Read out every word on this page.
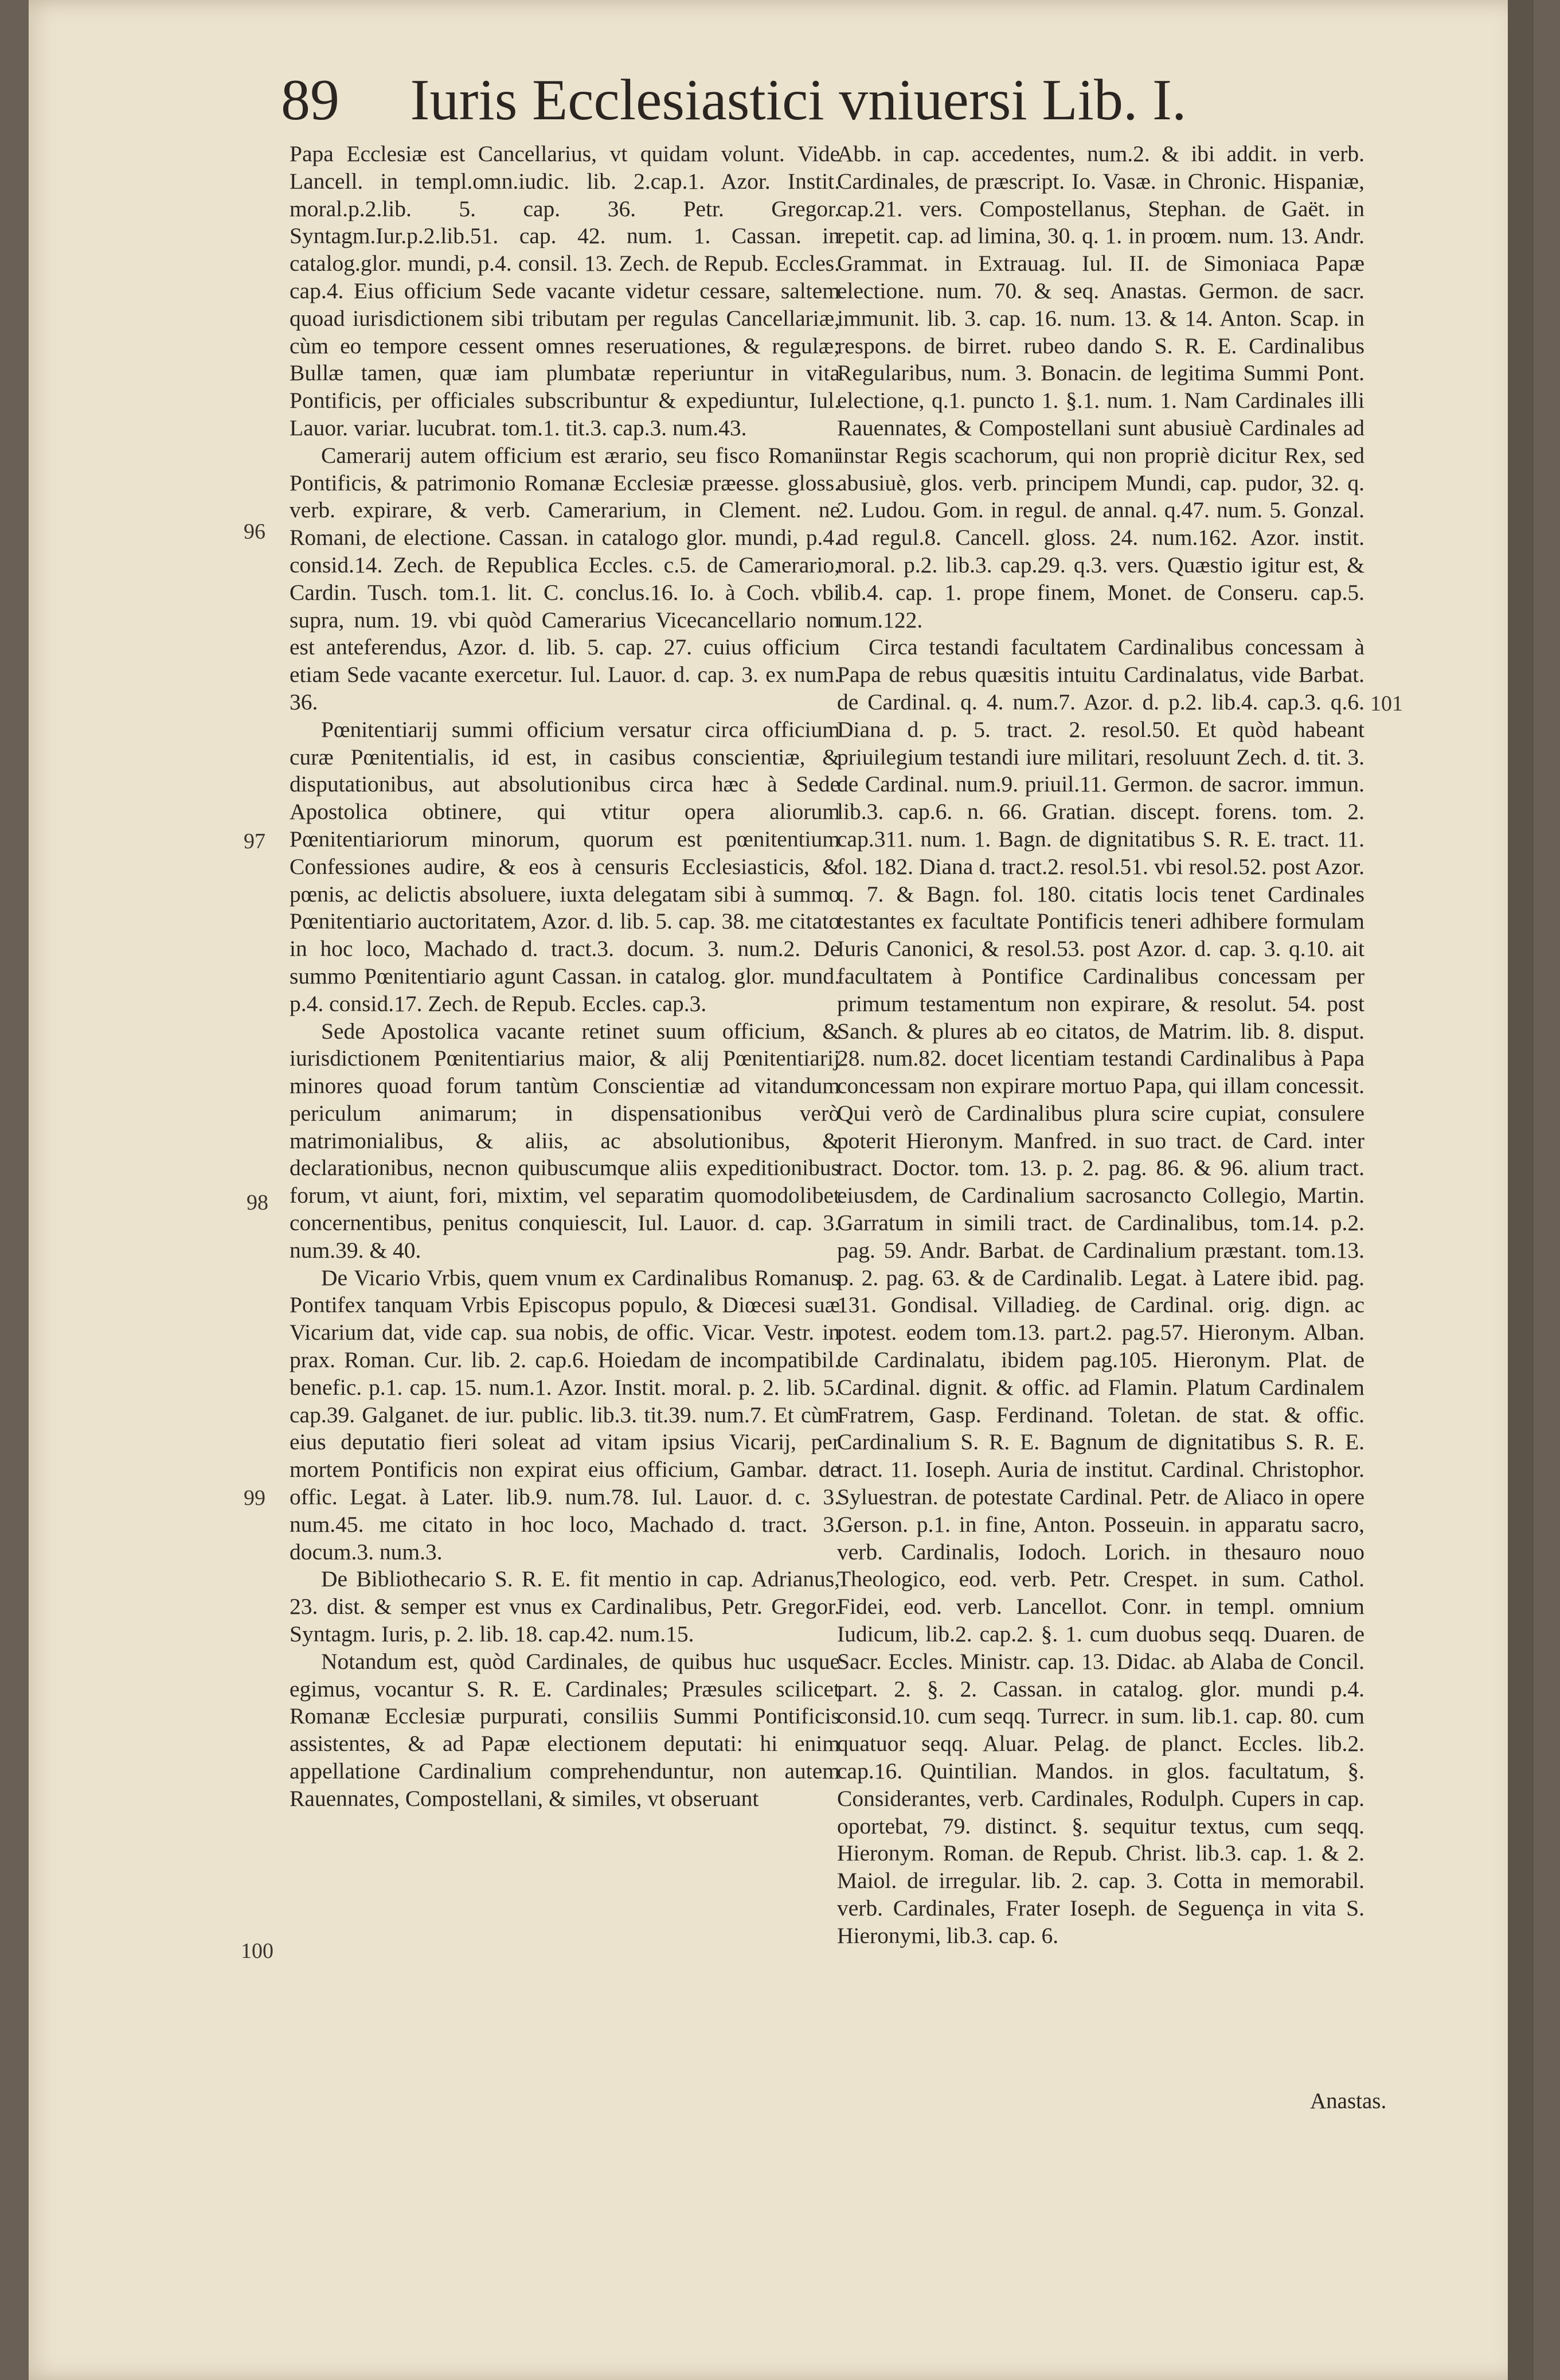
89 Iuris Ecclesiastici vniuersi Lib. I.
96
97
98
99
100
101

Papa Ecclesiæ est Cancellarius, vt quidam volunt. Vide Lancell. in templ.omn.iudic. lib. 2.cap.1. Azor. Instit. moral.p.2.lib. 5. cap. 36. Petr. Gregor. Syntagm.Iur.p.2.lib.51. cap. 42. num. 1. Cassan. in catalog.glor. mundi, p.4. consil. 13. Zech. de Repub. Eccles. cap.4. Eius officium Sede vacante videtur cessare, saltem quoad iurisdictionem sibi tributam per regulas Cancellariæ, cùm eo tempore cessent omnes reseruationes, & regulæ; Bullæ tamen, quæ iam plumbatæ reperiuntur in vita Pontificis, per officiales subscribuntur & expediuntur, Iul. Lauor. variar. lucubrat. tom.1. tit.3. cap.3. num.43.

Camerarij autem officium est ærario, seu fisco Romani Pontificis, & patrimonio Romanæ Ecclesiæ præesse. gloss. verb. expirare, & verb. Camerarium, in Clement. ne Romani, de electione. Cassan. in catalogo glor. mundi, p.4. consid.14. Zech. de Republica Eccles. c.5. de Camerario, Cardin. Tusch. tom.1. lit. C. conclus.16. Io. à Coch. vbi supra, num. 19. vbi quòd Camerarius Vicecancellario non est anteferendus, Azor. d. lib. 5. cap. 27. cuius officium etiam Sede vacante exercetur. Iul. Lauor. d. cap. 3. ex num. 36.

Pœnitentiarij summi officium versatur circa officium curæ Pœnitentialis, id est, in casibus conscientiæ, & disputationibus, aut absolutionibus circa hæc à Sede Apostolica obtinere, qui vtitur opera aliorum Pœnitentiariorum minorum, quorum est pœnitentium Confessiones audire, & eos à censuris Ecclesiasticis, & pœnis, ac delictis absoluere, iuxta delegatam sibi à summo Pœnitentiario auctoritatem, Azor. d. lib. 5. cap. 38. me citato in hoc loco, Machado d. tract.3. docum. 3. num.2. De summo Pœnitentiario agunt Cassan. in catalog. glor. mund. p.4. consid.17. Zech. de Repub. Eccles. cap.3.

Sede Apostolica vacante retinet suum officium, & iurisdictionem Pœnitentiarius maior, & alij Pœnitentiarij minores quoad forum tantùm Conscientiæ ad vitandum periculum animarum; in dispensationibus verò matrimonialibus, & aliis, ac absolutionibus, & declarationibus, necnon quibuscumque aliis expeditionibus forum, vt aiunt, fori, mixtim, vel separatim quomodolibet concernentibus, penitus conquiescit, Iul. Lauor. d. cap. 3. num.39. & 40.

De Vicario Vrbis, quem vnum ex Cardinalibus Romanus Pontifex tanquam Vrbis Episcopus populo, & Diœcesi suæ Vicarium dat, vide cap. sua nobis, de offic. Vicar. Vestr. in prax. Roman. Cur. lib. 2. cap.6. Hoiedam de incompatibil. benefic. p.1. cap. 15. num.1. Azor. Instit. moral. p. 2. lib. 5. cap.39. Galganet. de iur. public. lib.3. tit.39. num.7. Et cùm eius deputatio fieri soleat ad vitam ipsius Vicarij, per mortem Pontificis non expirat eius officium, Gambar. de offic. Legat. à Later. lib.9. num.78. Iul. Lauor. d. c. 3. num.45. me citato in hoc loco, Machado d. tract. 3. docum.3. num.3.

De Bibliothecario S. R. E. fit mentio in cap. Adrianus, 23. dist. & semper est vnus ex Cardinalibus, Petr. Gregor. Syntagm. Iuris, p. 2. lib. 18. cap.42. num.15.

Notandum est, quòd Cardinales, de quibus huc usque egimus, vocantur S. R. E. Cardinales; Præsules scilicet Romanæ Ecclesiæ purpurati, consiliis Summi Pontificis assistentes, & ad Papæ electionem deputati: hi enim appellatione Cardinalium comprehenduntur, non autem Rauennates, Compostellani, & similes, vt obseruant

Abb. in cap. accedentes, num.2. & ibi addit. in verb. Cardinales, de præscript. Io. Vasæ. in Chronic. Hispaniæ, cap.21. vers. Compostellanus, Stephan. de Gaët. in repetit. cap. ad limina, 30. q. 1. in proœm. num. 13. Andr. Grammat. in Extrauag. Iul. II. de Simoniaca Papæ electione. num. 70. & seq. Anastas. Germon. de sacr. immunit. lib. 3. cap. 16. num. 13. & 14. Anton. Scap. in respons. de birret. rubeo dando S. R. E. Cardinalibus Regularibus, num. 3. Bonacin. de legitima Summi Pont. electione, q.1. puncto 1. §.1. num. 1. Nam Cardinales illi Rauennates, & Compostellani sunt abusiuè Cardinales ad instar Regis scachorum, qui non propriè dicitur Rex, sed abusiuè, glos. verb. principem Mundi, cap. pudor, 32. q. 2. Ludou. Gom. in regul. de annal. q.47. num. 5. Gonzal. ad regul.8. Cancell. gloss. 24. num.162. Azor. instit. moral. p.2. lib.3. cap.29. q.3. vers. Quæstio igitur est, & lib.4. cap. 1. prope finem, Monet. de Conseru. cap.5. num.122.

Circa testandi facultatem Cardinalibus concessam à Papa de rebus quæsitis intuitu Cardinalatus, vide Barbat. de Cardinal. q. 4. num.7. Azor. d. p.2. lib.4. cap.3. q.6. Diana d. p. 5. tract. 2. resol.50. Et quòd habeant priuilegium testandi iure militari, resoluunt Zech. d. tit. 3. de Cardinal. num.9. priuil.11. Germon. de sacror. immun. lib.3. cap.6. n. 66. Gratian. discept. forens. tom. 2. cap.311. num. 1. Bagn. de dignitatibus S. R. E. tract. 11. fol. 182. Diana d. tract.2. resol.51. vbi resol.52. post Azor. q. 7. & Bagn. fol. 180. citatis locis tenet Cardinales testantes ex facultate Pontificis teneri adhibere formulam Iuris Canonici, & resol.53. post Azor. d. cap. 3. q.10. ait facultatem à Pontifice Cardinalibus concessam per primum testamentum non expirare, & resolut. 54. post Sanch. & plures ab eo citatos, de Matrim. lib. 8. disput. 28. num.82. docet licentiam testandi Cardinalibus à Papa concessam non expirare mortuo Papa, qui illam concessit. Qui verò de Cardinalibus plura scire cupiat, consulere poterit Hieronym. Manfred. in suo tract. de Card. inter tract. Doctor. tom. 13. p. 2. pag. 86. & 96. alium tract. eiusdem, de Cardinalium sacrosancto Collegio, Martin. Garratum in simili tract. de Cardinalibus, tom.14. p.2. pag. 59. Andr. Barbat. de Cardinalium præstant. tom.13. p. 2. pag. 63. & de Cardinalib. Legat. à Latere ibid. pag. 131. Gondisal. Villadieg. de Cardinal. orig. dign. ac potest. eodem tom.13. part.2. pag.57. Hieronym. Alban. de Cardinalatu, ibidem pag.105. Hieronym. Plat. de Cardinal. dignit. & offic. ad Flamin. Platum Cardinalem Fratrem, Gasp. Ferdinand. Toletan. de stat. & offic. Cardinalium S. R. E. Bagnum de dignitatibus S. R. E. tract. 11. Ioseph. Auria de institut. Cardinal. Christophor. Syluestran. de potestate Cardinal. Petr. de Aliaco in opere Gerson. p.1. in fine, Anton. Posseuin. in apparatu sacro, verb. Cardinalis, Iodoch. Lorich. in thesauro nouo Theologico, eod. verb. Petr. Crespet. in sum. Cathol. Fidei, eod. verb. Lancellot. Conr. in templ. omnium Iudicum, lib.2. cap.2. §. 1. cum duobus seqq. Duaren. de Sacr. Eccles. Ministr. cap. 13. Didac. ab Alaba de Concil. part. 2. §. 2. Cassan. in catalog. glor. mundi p.4. consid.10. cum seqq. Turrecr. in sum. lib.1. cap. 80. cum quatuor seqq. Aluar. Pelag. de planct. Eccles. lib.2. cap.16. Quintilian. Mandos. in glos. facultatum, §. Considerantes, verb. Cardinales, Rodulph. Cupers in cap. oportebat, 79. distinct. §. sequitur textus, cum seqq. Hieronym. Roman. de Repub. Christ. lib.3. cap. 1. & 2. Maiol. de irregular. lib. 2. cap. 3. Cotta in memorabil. verb. Cardinales, Frater Ioseph. de Seguença in vita S. Hieronymi, lib.3. cap. 6.

Anastas.
